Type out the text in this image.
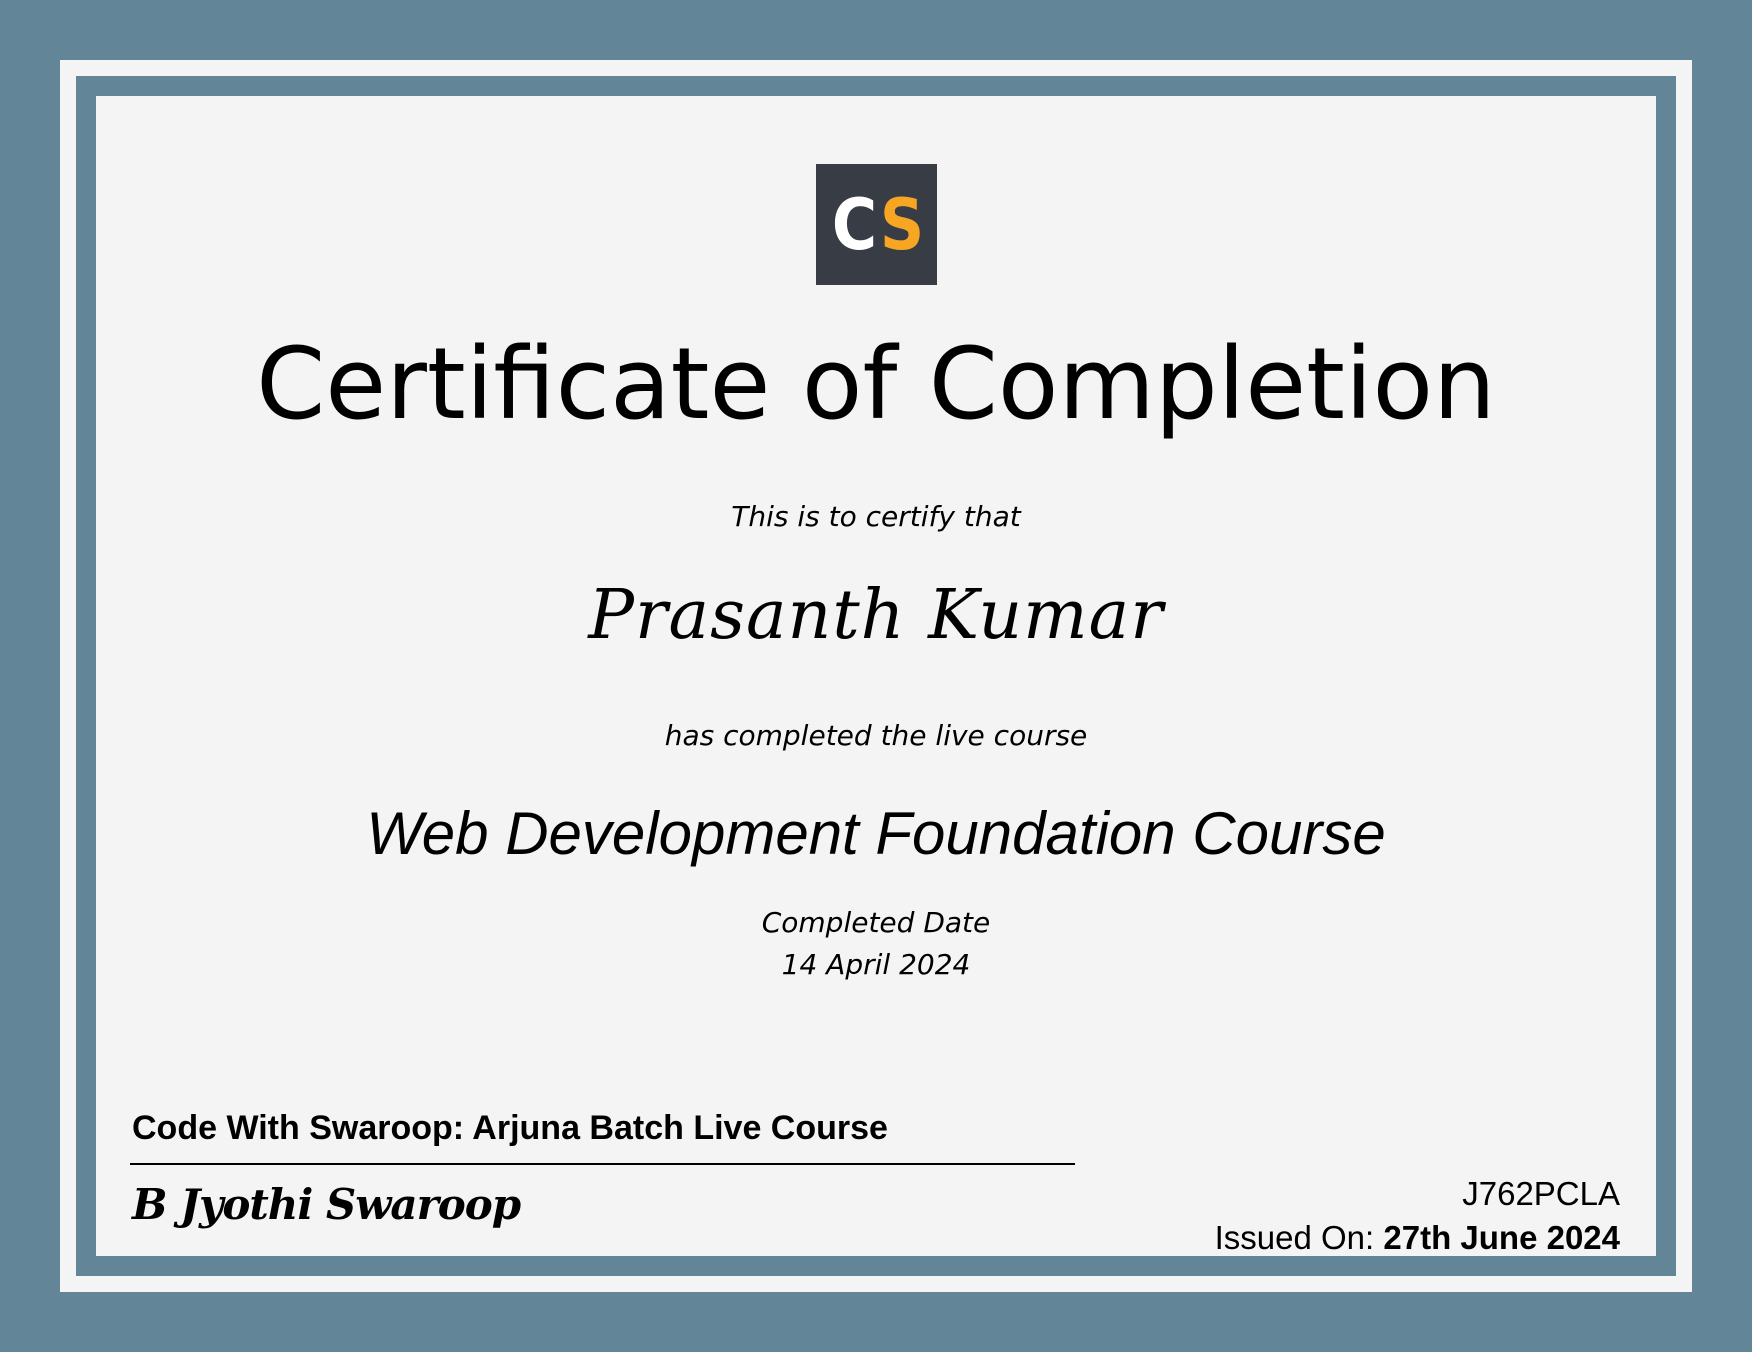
C S
Certificate of Completion
This is to certify that
Prasanth Kumar
has completed the live course
Web Development Foundation Course
Completed Date
14 April 2024
Code With Swaroop: Arjuna Batch Live Course
B Jyothi Swaroop	J762PCLA
Issued On: 27th June 2024
